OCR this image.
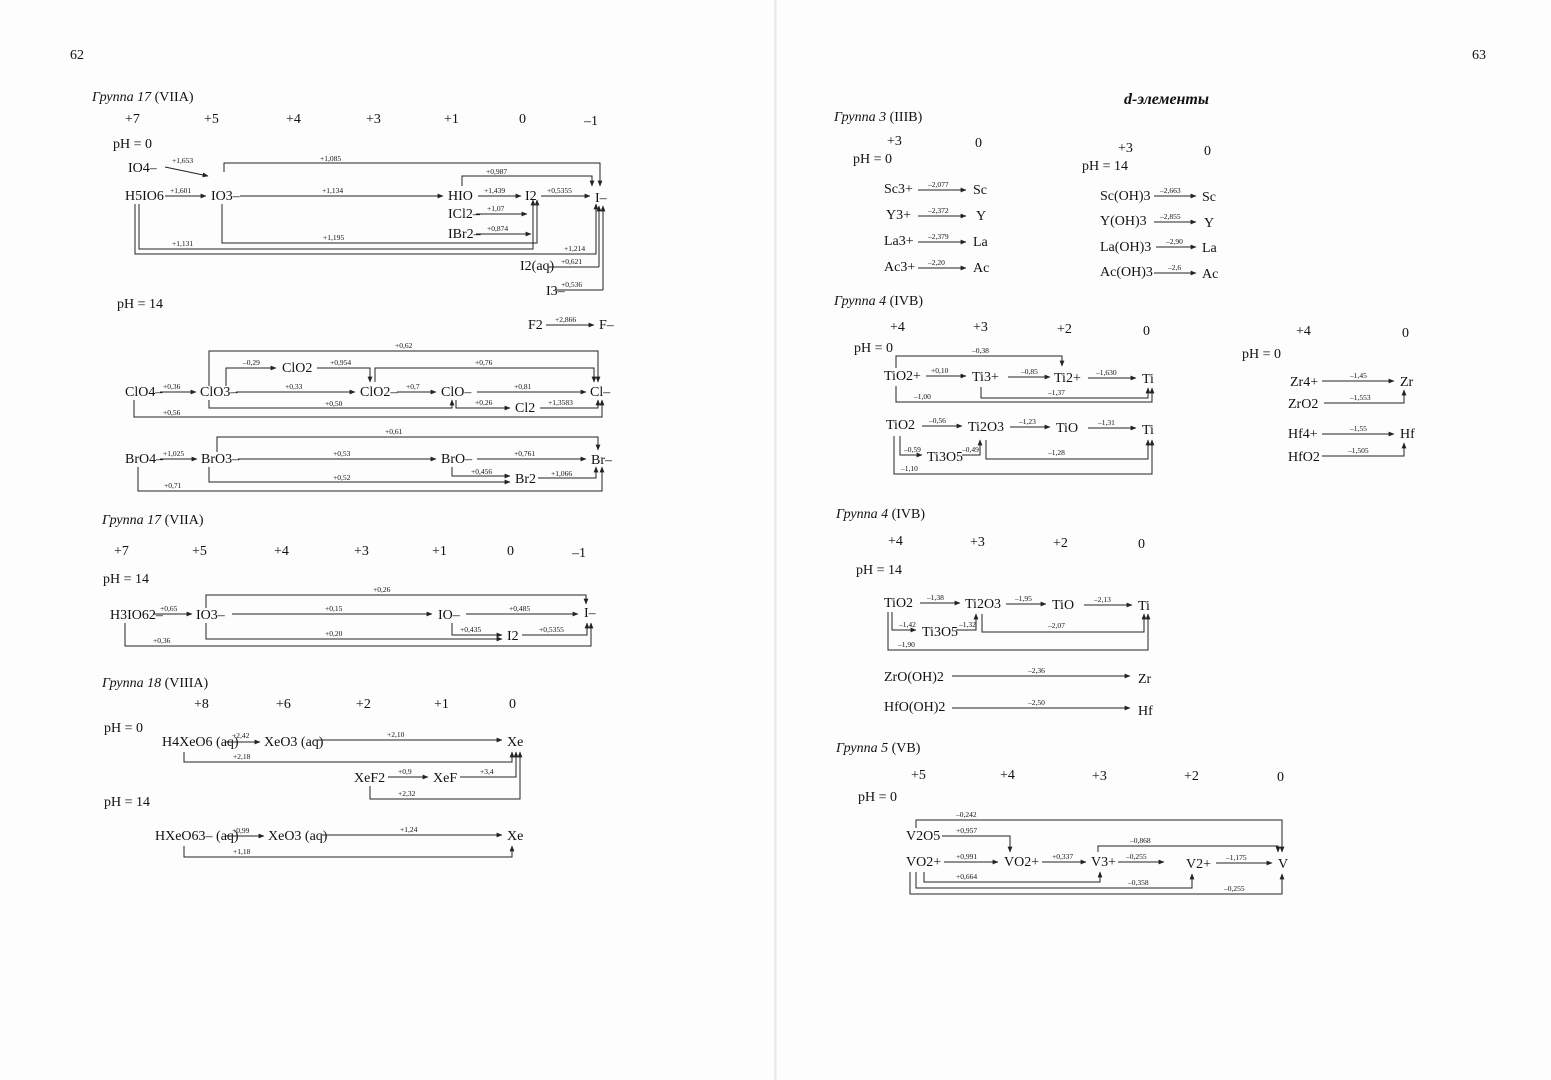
62
Группа 17 (VIIA)
+7	+5	+4	+3	+1	0	–1
pH = 0
pH = 14
Группа 17 (VIIA)
+7	+5	+4	+3	+1	0	–1
pH = 14
Группа 18 (VIIIA)
+8	+6	+2	+1	0
pH = 0
pH = 14
IO4–
H5IO6	IO3–	HIO	I2	I–
ICl2–
IBr2–
I2(aq)
I3–
+1,653	+1,085
+1,601	+1,134
+0,987
+1,439	+0,5355
+1,07
+0,874
+1,131
+1,195
+1,214
+0,621
+0,536
F2	F–
+2,866
ClO4–	ClO3–
ClO2
ClO2–	ClO–
Cl2
Cl–
+0,62
–0,29	+0,954	+0,76
+0,36	+0,33	+0,7	+0,81
+0,50	+0,26	+1,3583
+0,56
BrO4–	BrO3–	BrO–
Br2
Br–
+0,61
+1,025	+0,53	+0,761
+0,456
+0,52	+1,066
+0,71
H3IO62– IO3–	IO–
I2
I–
+0,26
+0,65	+0,15	+0,485
+0,435
+0,20	+0,5355
+0,36
H4XeO6 (aq) XeO3 (aq)	Xe
XeF2	XeF
+2,42	+2,10
+2,18
+0,9	+3,4
+2,32
HXeO63– (aq) XeO3 (aq)	Xe
+0,99	+1,24
+1,18
63
d-элементы
Группа 3 (IIIB)
+3	0
pH = 0
+3	0
pH = 14
Группа 4 (IVB)
+4	+3	+2	0
pH = 0
+4	0
pH = 0
Группа 4 (IVB)
+4	+3	+2	0
pH = 14
Группа 5 (VB)
+5	+4	+3	+2	0
pH = 0
Sc3+	Sc
Y3+	Y
La3+	La
Ac3+	Ac
–2,077
–2,372
–2,379
–2,20
Sc(OH)3	Sc
Y(OH)3	Y
La(OH)3	La
Ac(OH)3	Ac
–2,663
–2,855
–2,90
–2,6
TiO2+	Ti3+	Ti2+	Ti
–0,38
+0,10	–0,85	–1,630
–1,00	–1,37
TiO2	Ti2O3	TiO	Ti
Ti3O5
–0,56	–1,23	–1,31
–0,59	–0,49	–1,28
–1,10
Zr4+	Zr
ZrO2
–1,45
–1,553
Hf4+	Hf
HfO2
–1,55
–1,505
TiO2	Ti2O3	TiO	Ti
Ti3O5
–1,38	–1,95	–2,13
–1,42	–1,32	–2,07
–1,90
ZrO(OH)2	Zr
–2,36
HfO(OH)2	Hf
–2,50
V2O5
VO2+	VO2+	V3+	V2+	V
–0,242
+0,957
–0,868
+0,991	+0,337	–0,255	–1,175
+0,664
–0,358
–0,255
